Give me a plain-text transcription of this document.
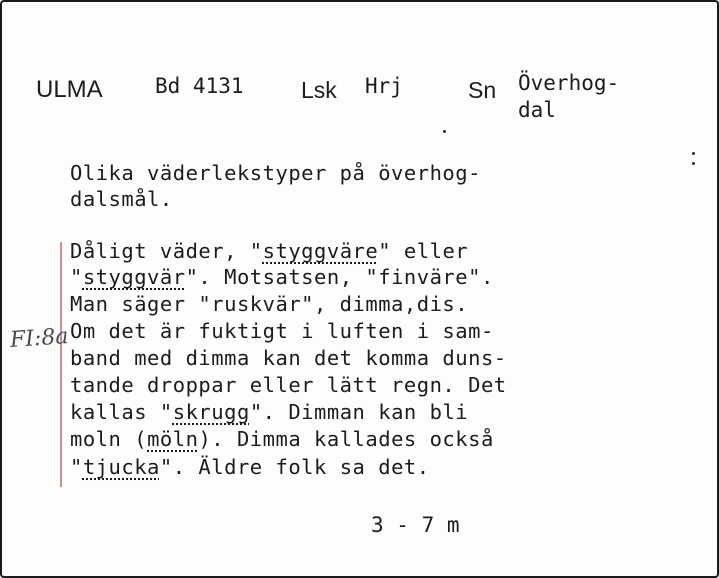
ULMA Bd 4131 Lsk Hrj	Sn Överhog-
dal

Olika väderlekstyper på överhog-

dalsmål.

FI:8a

Dåligt väder, "styggväre" eller

"styggvär". Motsatsen, "finväre".

Man säger "ruskvär", dimma,dis.

Om det är fuktigt i luften i sam-

band med dimma kan det komma duns-

tande droppar eller lätt regn. Det

kallas "skrugg". Dimman kan bli

moln (möln). Dimma kallades också

"tjucka". Äldre folk sa det.

3 - 7 m
